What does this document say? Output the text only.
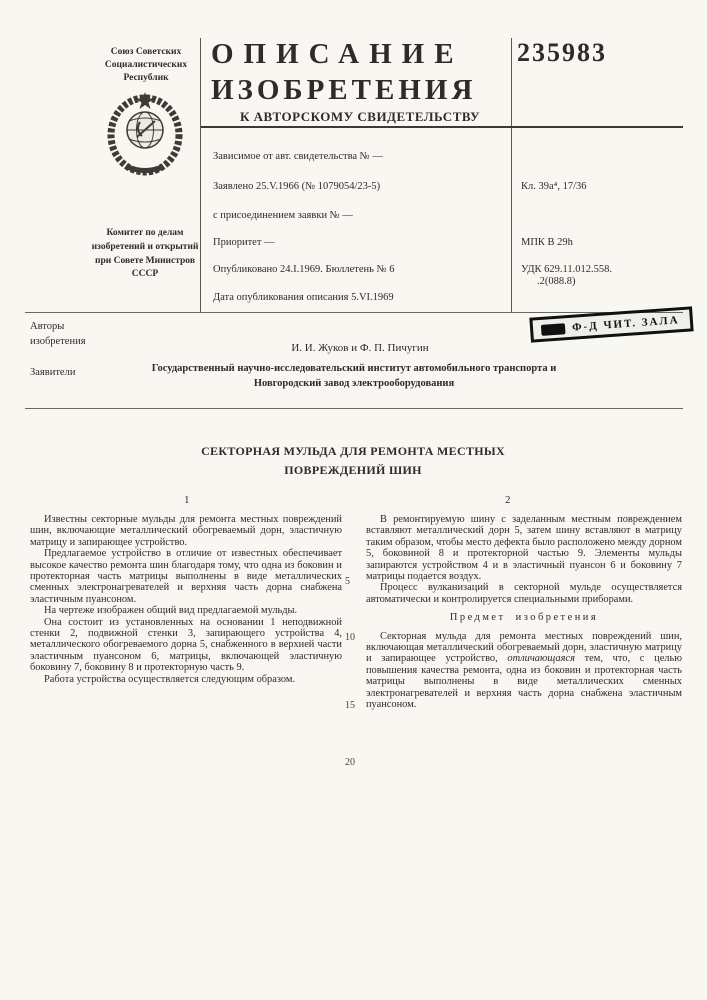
Союз Советских Социалистических Республик
Комитет по делам изобретений и открытий при Совете Министров СССР
ОПИСАНИЕ
ИЗОБРЕТЕНИЯ
К АВТОРСКОМУ СВИДЕТЕЛЬСТВУ
Зависимое от авт. свидетельства № —
Заявлено 25.V.1966 (№ 1079054/23-5)
с присоединением заявки № —
Приоритет —
Опубликовано 24.I.1969. Бюллетень № 6
Дата опубликования описания 5.VI.1969
235983
Кл. 39а⁴, 17/36
МПК B 29h
УДК 629.11.012.558.
.2(088.8)
Авторы изобретения
И. И. Жуков и Ф. П. Пичугин
Ф-Д ЧИТ. ЗАЛА
Заявители	Государственный научно-исследовательский институт автомобильного транспорта и Новгородский завод электрооборудования
СЕКТОРНАЯ МУЛЬДА ДЛЯ РЕМОНТА МЕСТНЫХ ПОВРЕЖДЕНИЙ ШИН
1	2

Известны секторные мульды для ремонта местных повреждений шин, включающие металлический обогреваемый дорн, эластичную матрицу и запирающее устройство.

Предлагаемое устройство в отличие от известных обеспечивает высокое качество ремонта шин благодаря тому, что одна из боковин и протекторная часть матрицы выполнены в виде металлических сменных электронагревателей и верхняя часть дорна снабжена эластичным пуансоном.

На чертеже изображен общий вид предлагаемой мульды.

Она состоит из установленных на основании 1 неподвижной стенки 2, подвижной стенки 3, запирающего устройства 4, металлического обогреваемого дорна 5, снабженного в верхней части эластичным пуансоном 6, матрицы, включающей эластичную боковину 7, боковину 8 и протекторную часть 9.

Работа устройства осуществляется следующим образом.

В ремонтируемую шину с заделанным местным повреждением вставляют металлический дорн 5, затем шину вставляют в матрицу таким образом, чтобы место дефекта было расположено между дорном 5, боковиной 8 и протекторной частью 9. Элементы мульды запираются устройством 4 и в эластичный пуансон 6 и боковину 7 матрицы подается воздух.

Процесс вулканизаций в секторной мульде осуществляется автоматически и контролируется специальными приборами.

Предмет изобретения

Секторная мульда для ремонта местных повреждений шин, включающая металлический обогреваемый дорн, эластичную матрицу и запирающее устройство, отличающаяся тем, что, с целью повышения качества ремонта, одна из боковин и протекторная часть матрицы выполнены в виде металлических сменных электронагревателей и верхняя часть дорна снабжена эластичным пуансоном.

5
10
15
20
